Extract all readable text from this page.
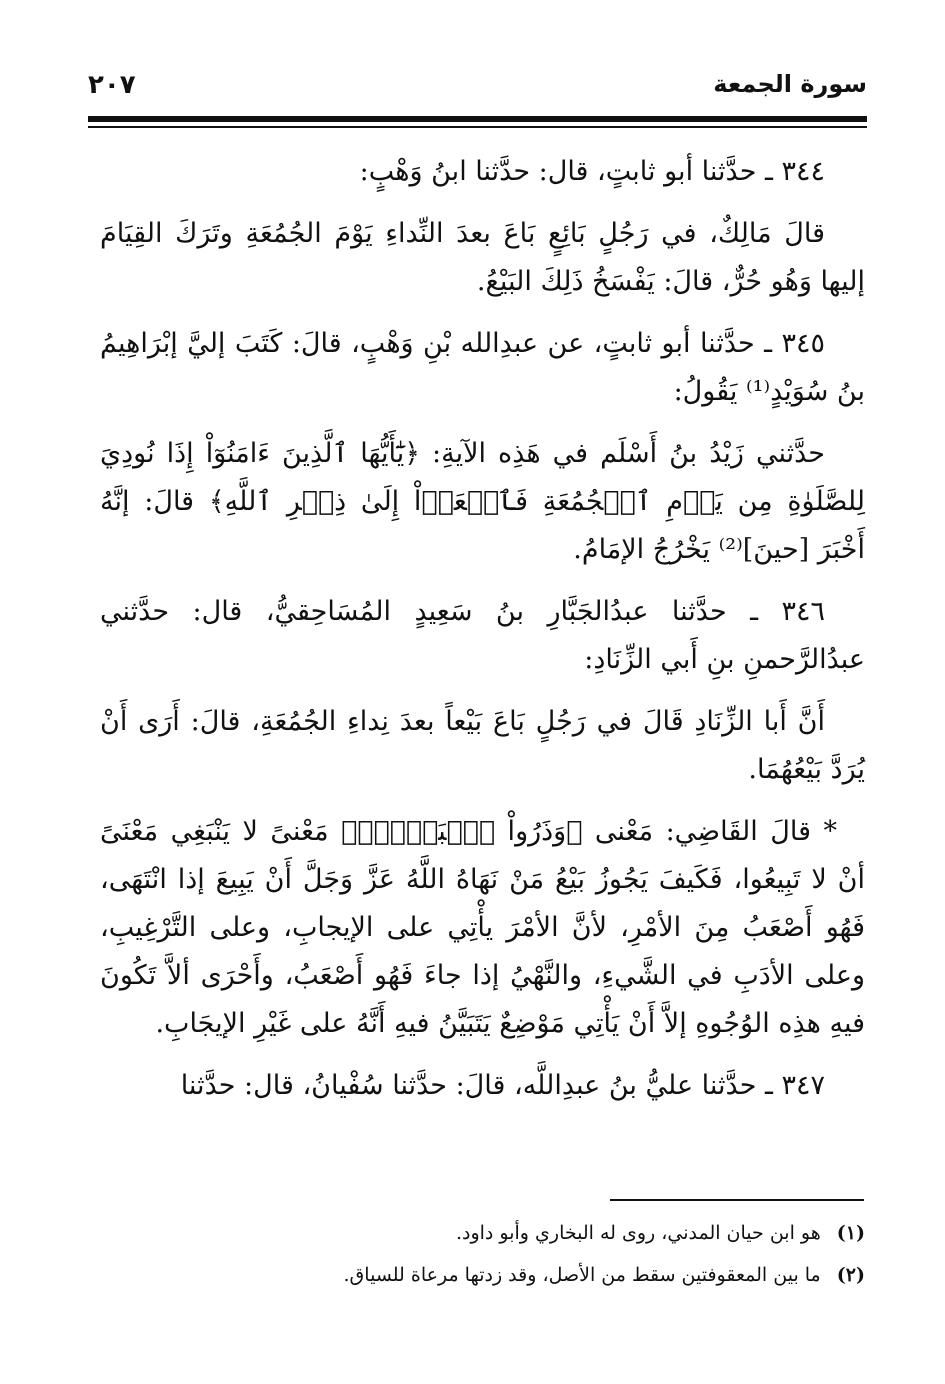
٢٠٧	سورة الجمعة

٣٤٤ ـ حدَّثنا أبو ثابتٍ، قال: حدَّثنا ابنُ وَهْبٍ:

قالَ مَالِكٌ، في رَجُلٍ بَائِعٍ بَاعَ بعدَ النِّداءِ يَوْمَ الجُمُعَةِ وتَرَكَ القِيَامَ إليها وَهُو حُرٌّ، قالَ: يَفْسَخُ ذَلِكَ البَيْعُ.

٣٤٥ ـ حدَّثنا أبو ثابتٍ، عن عبدِالله بْنِ وَهْبٍ، قالَ: كَتَبَ إليَّ إبْرَاهِيمُ بنُ سُوَيْدٍ⁽¹⁾ يَقُولُ:

حدَّثني زَيْدُ بنُ أَسْلَم في هَذِه الآيةِ: ﴿يَٰٓأَيُّهَا ٱلَّذِينَ ءَامَنُوٓاْ إِذَا نُودِيَ لِلصَّلَوٰةِ مِن يَوۡمِ ٱلۡجُمُعَةِ فَٱسۡعَوۡاْ إِلَىٰ ذِكۡرِ ٱللَّهِ﴾ قالَ: إنَّهُ أَخْبَرَ [حينَ]⁽²⁾ يَخْرُجُ الإمَامُ.

٣٤٦ ـ حدَّثنا عبدُالجَبَّارِ بنُ سَعِيدٍ المُسَاحِقيُّ، قال: حدَّثني عبدُالرَّحمنِ بنِ أَبي الزِّنَادِ:

أَنَّ أَبا الزِّنَادِ قَالَ في رَجُلٍ بَاعَ بَيْعاً بعدَ نِداءِ الجُمُعَةِ، قالَ: أَرَى أَنْ يُرَدَّ بَيْعُهُمَا.

* قالَ القَاضِي: مَعْنى ﴿وَذَرُواْ ٱلۡبَيۡعَۚ﴾ مَعْنىً لا يَنْبَغِي مَعْنَىً أنْ لا تَبِيعُوا، فَكَيفَ يَجُوزُ بَيْعُ مَنْ نَهَاهُ اللَّهُ عَزَّ وَجَلَّ أَنْ يَبِيعَ إذا انْتَهَى، فَهُو أَصْعَبُ مِنَ الأمْرِ، لأنَّ الأمْرَ يأْتِي على الإيجابِ، وعلى التَّرْغِيبِ، وعلى الأدَبِ في الشَّيءِ، والنَّهْيُ إذا جاءَ فَهُو أَصْعَبُ، وأَحْرَى ألاَّ تَكُونَ فيهِ هذِه الوُجُوهِ إلاَّ أَنْ يَأْتِي مَوْضِعٌ يَتَبَيَّنُ فيهِ أَنَّهُ على غَيْرِ الإيجَابِ.

٣٤٧ ـ حدَّثنا عليُّ بنُ عبدِاللَّه، قالَ: حدَّثنا سُفْيانُ، قال: حدَّثنا

(١) هو ابن حيان المدني، روى له البخاري وأبو داود.

(٢) ما بين المعقوفتين سقط من الأصل، وقد زدتها مرعاة للسياق.
